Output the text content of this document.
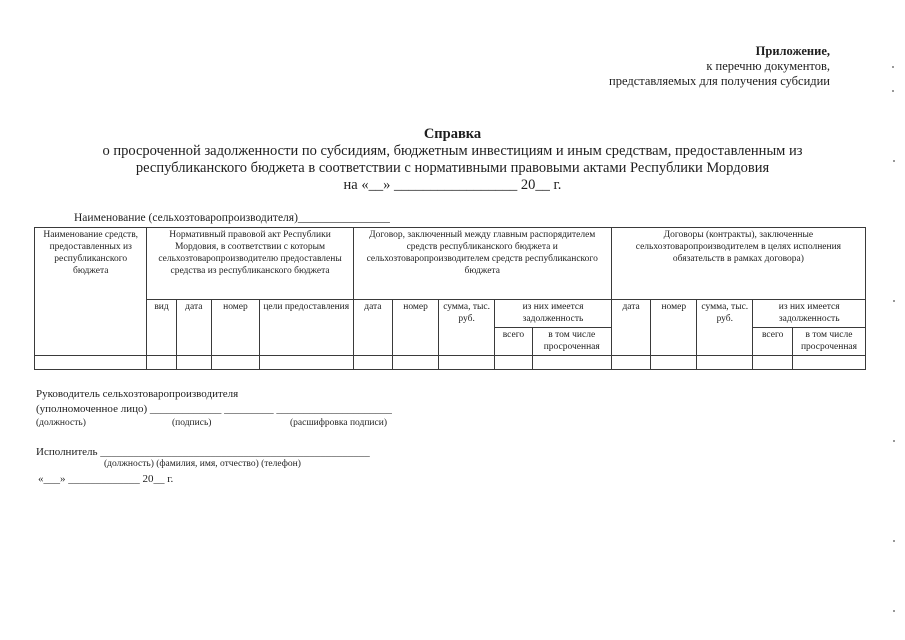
Приложение,
к перечню документов,
представляемых для получения субсидии
Справка
о просроченной задолженности по субсидиям, бюджетным инвестициям и иным средствам, предоставленным из
республиканского бюджета в соответствии с нормативными правовыми актами Республики Мордовия
на «__» _________________ 20__ г.
Наименование (сельхозтоваропроизводителя)________________
Наименование средств, предоставленных из республиканского бюджета	Нормативный правовой акт Республики Мордовия, в соответствии с которым сельхозтоваропроизводителю предоставлены средства из республиканского бюджета				Договор, заключенный между главным распорядителем средств республиканского бюджета и сельхозтоваропроизводителем средств республиканского бюджета					Договоры (контракты), заключенные сельхозтоваропроизводителем в целях исполнения обязательств в рамках договора)				
	вид	дата	номер	цели предоставления	дата	номер	сумма, тыс. руб.	из них имеется задолженность		дата	номер	сумма, тыс. руб.	из них имеется задолженность	
								всего	в том числе просроченная				всего	в том числе просроченная

Руководитель сельхозтоваропроизводителя
(уполномоченное лицо) _____________ _________ _____________________
(должность)	(подпись)	(расшифровка подписи)
Исполнитель _________________________________________________
(должность) (фамилия, имя, отчество) (телефон)
«___» _____________ 20__ г.
